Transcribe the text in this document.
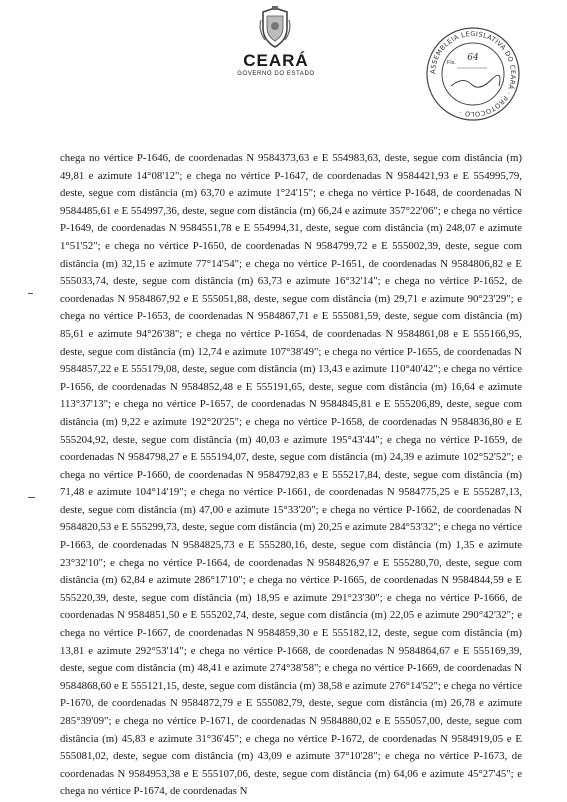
CEARÁ
GOVERNO DO ESTADO	ASSEMBLEIA LEGISLATIVA DO CEARÁ · PROTOCOLO ·
Fls.	64
chega no vértice P-1646, de coordenadas N 9584373,63 e E 554983,63, deste, segue com distância (m) 49,81 e azimute 14°08'12"; e chega no vértice P-1647, de coordenadas N 9584421,93 e E 554995,79, deste, segue com distância (m) 63,70 e azimute 1°24'15"; e chega no vértice P-1648, de coordenadas N 9584485,61 e E 554997,36, deste, segue com distância (m) 66,24 e azimute 357°22'06"; e chega no vértice P-1649, de coordenadas N 9584551,78 e E 554994,31, deste, segue com distância (m) 248,07 e azimute 1°51'52"; e chega no vértice P-1650, de coordenadas N 9584799,72 e E 555002,39, deste, segue com distância (m) 32,15 e azimute 77°14'54"; e chega no vértice P-1651, de coordenadas N 9584806,82 e E 555033,74, deste, segue com distância (m) 63,73 e azimute 16°32'14"; e chega no vértice P-1652, de coordenadas N 9584867,92 e E 555051,88, deste, segue com distância (m) 29,71 e azimute 90°23'29"; e chega no vértice P-1653, de coordenadas N 9584867,71 e E 555081,59, deste, segue com distância (m) 85,61 e azimute 94°26'38"; e chega no vértice P-1654, de coordenadas N 9584861,08 e E 555166,95, deste, segue com distância (m) 12,74 e azimute 107°38'49"; e chega no vértice P-1655, de coordenadas N 9584857,22 e E 555179,08, deste, segue com distância (m) 13,43 e azimute 110°40'42"; e chega no vértice P-1656, de coordenadas N 9584852,48 e E 555191,65, deste, segue com distância (m) 16,64 e azimute 113°37'13"; e chega no vértice P-1657, de coordenadas N 9584845,81 e E 555206,89, deste, segue com distância (m) 9,22 e azimute 192°20'25"; e chega no vértice P-1658, de coordenadas N 9584836,80 e E 555204,92, deste, segue com distância (m) 40,03 e azimute 195°43'44"; e chega no vértice P-1659, de coordenadas N 9584798,27 e E 555194,07, deste, segue com distância (m) 24,39 e azimute 102°52'52"; e chega no vértice P-1660, de coordenadas N 9584792,83 e E 555217,84, deste, segue com distância (m) 71,48 e azimute 104°14'19"; e chega no vértice P-1661, de coordenadas N 9584775,25 e E 555287,13, deste, segue com distância (m) 47,00 e azimute 15°33'20"; e chega no vértice P-1662, de coordenadas N 9584820,53 e E 555299,73, deste, segue com distância (m) 20,25 e azimute 284°53'32"; e chega no vértice P-1663, de coordenadas N 9584825,73 e E 555280,16, deste, segue com distância (m) 1,35 e azimute 23°32'10"; e chega no vértice P-1664, de coordenadas N 9584826,97 e E 555280,70, deste, segue com distância (m) 62,84 e azimute 286°17'10"; e chega no vértice P-1665, de coordenadas N 9584844,59 e E 555220,39, deste, segue com distância (m) 18,95 e azimute 291°23'30"; e chega no vértice P-1666, de coordenadas N 9584851,50 e E 555202,74, deste, segue com distância (m) 22,05 e azimute 290°42'32"; e chega no vértice P-1667, de coordenadas N 9584859,30 e E 555182,12, deste, segue com distância (m) 13,81 e azimute 292°53'14"; e chega no vértice P-1668, de coordenadas N 9584864,67 e E 555169,39, deste, segue com distância (m) 48,41 e azimute 274°38'58"; e chega no vértice P-1669, de coordenadas N 9584868,60 e E 555121,15, deste, segue com distância (m) 38,58 e azimute 276°14'52"; e chega no vértice P-1670, de coordenadas N 9584872,79 e E 555082,79, deste, segue com distância (m) 26,78 e azimute 285°39'09"; e chega no vértice P-1671, de coordenadas N 9584880,02 e E 555057,00, deste, segue com distância (m) 45,83 e azimute 31°36'45"; e chega no vértice P-1672, de coordenadas N 9584919,05 e E 555081,02, deste, segue com distância (m) 43,09 e azimute 37°10'28"; e chega no vértice P-1673, de coordenadas N 9584953,38 e E 555107,06, deste, segue com distância (m) 64,06 e azimute 45°27'45"; e chega no vértice P-1674, de coordenadas N
